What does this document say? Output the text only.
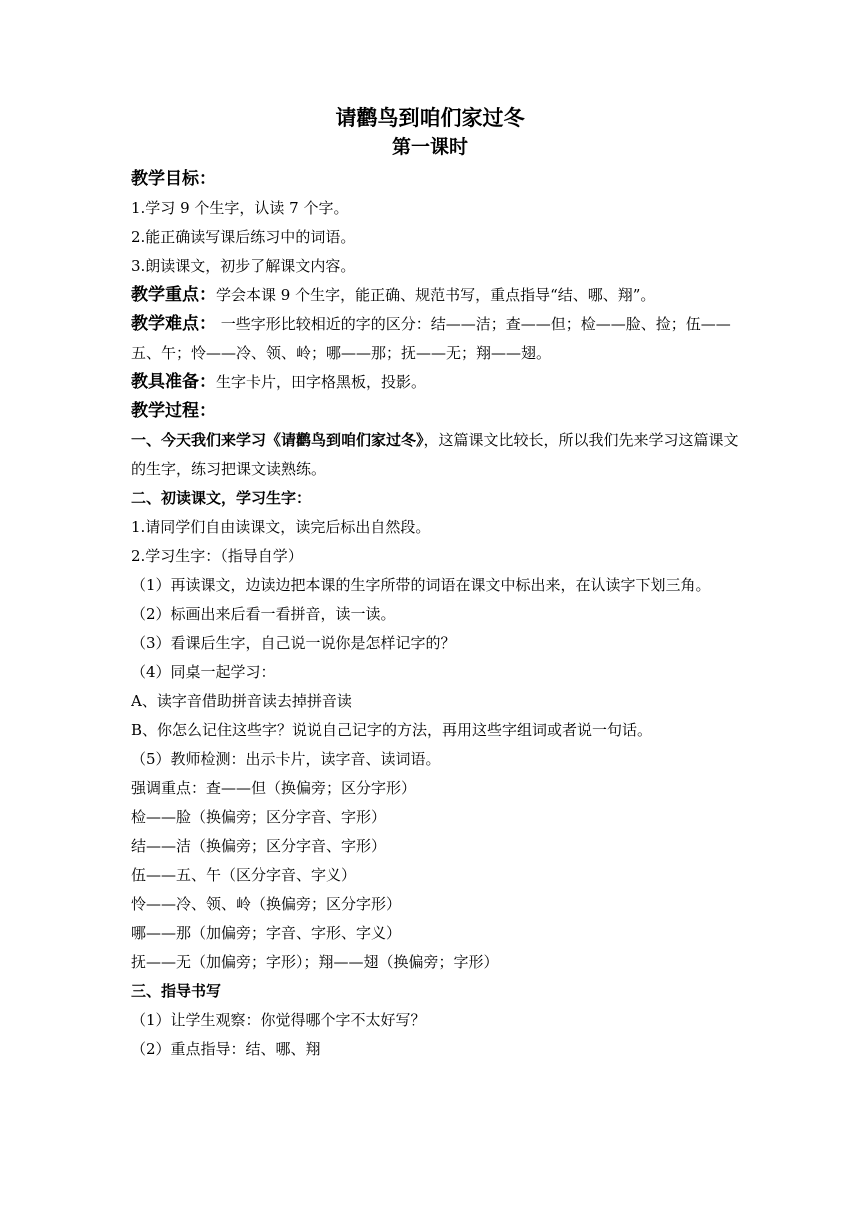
请鹳鸟到咱们家过冬
第一课时
教学目标：
1.学习 9 个生字，认读 7 个字。
2.能正确读写课后练习中的词语。
3.朗读课文，初步了解课文内容。
教学重点：学会本课 9 个生字，能正确、规范书写，重点指导“结、哪、翔”。
教学难点： 一些字形比较相近的字的区分：结——洁；查——但；检——脸、捡；伍——五、午；怜——冷、领、岭；哪——那；抚——无；翔——翅。
教具准备：生字卡片，田字格黑板，投影。
教学过程：
一、今天我们来学习《请鹳鸟到咱们家过冬》，这篇课文比较长，所以我们先来学习这篇课文的生字，练习把课文读熟练。
二、初读课文，学习生字：
1.请同学们自由读课文，读完后标出自然段。
2.学习生字：（指导自学）
（1）再读课文，边读边把本课的生字所带的词语在课文中标出来，在认读字下划三角。
（2）标画出来后看一看拼音，读一读。
（3）看课后生字，自己说一说你是怎样记字的？
（4）同桌一起学习：
A、读字音借助拼音读去掉拼音读
B、你怎么记住这些字？说说自己记字的方法，再用这些字组词或者说一句话。
（5）教师检测：出示卡片，读字音、读词语。
强调重点：查——但（换偏旁；区分字形）
检——脸（换偏旁；区分字音、字形）
结——洁（换偏旁；区分字音、字形）
伍——五、午（区分字音、字义）
怜——冷、领、岭（换偏旁；区分字形）
哪——那（加偏旁；字音、字形、字义）
抚——无（加偏旁；字形）；翔——翅（换偏旁；字形）
三、指导书写
（1）让学生观察：你觉得哪个字不太好写？
（2）重点指导：结、哪、翔
